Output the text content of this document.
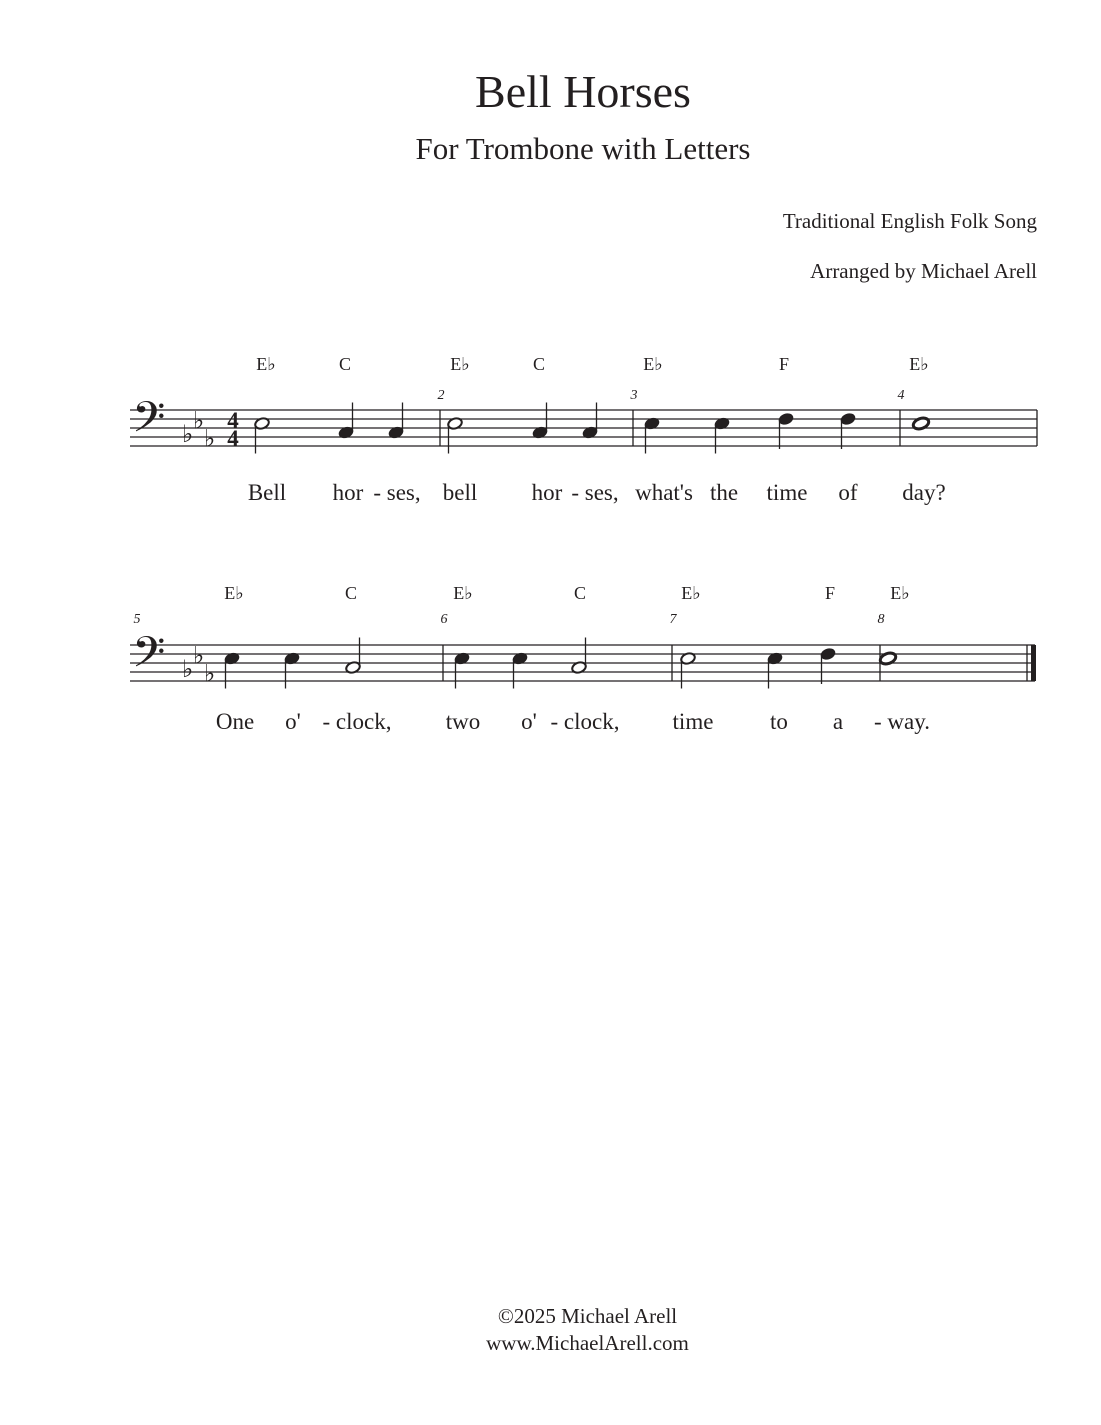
Bell Horses
For Trombone with Letters
Traditional English Folk Song
Arranged by Michael Arell
𝄢 ♭
♭
♭
4
4
E♭
Bell
C
hor - ses,
2
E♭
bell
C
hor - ses,
3
E♭
what's the
F
time of
4
E♭
day?
𝄢 ♭
♭
♭
5
E♭
One o'
C
- clock,
6
E♭
two o'
C
- clock,
7
E♭
time to
F
a
8
E♭
- way.
©2025 Michael Arell
www.MichaelArell.com
